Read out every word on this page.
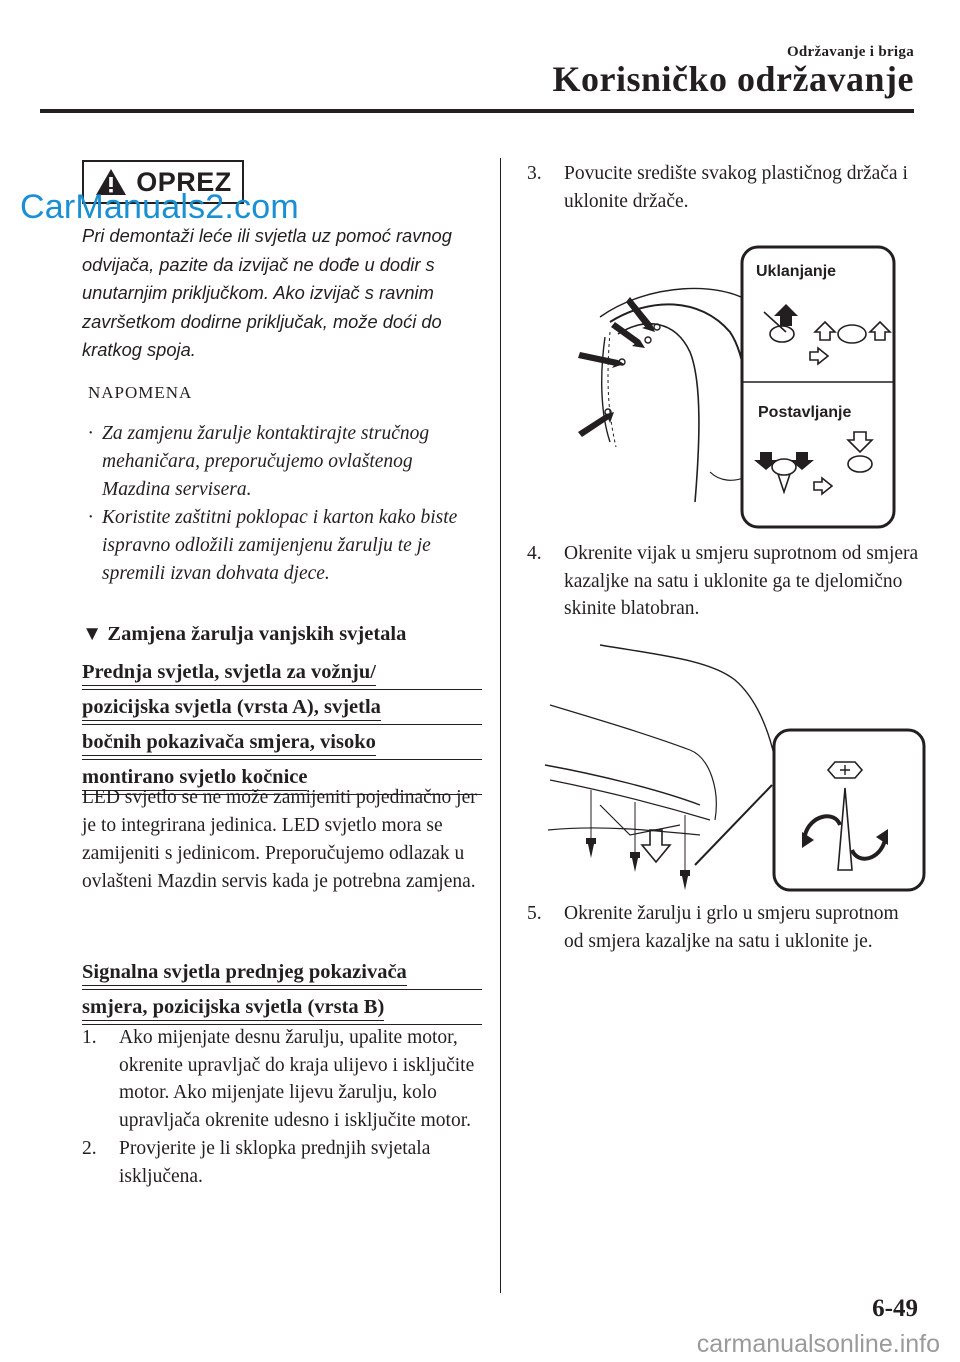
Održavanje i briga
Korisničko održavanje
OPREZ
Pri demontaži leće ili svjetla uz pomoć ravnog odvijača, pazite da izvijač ne dođe u dodir s unutarnjim priključkom. Ako izvijač s ravnim završetkom dodirne priključak, može doći do kratkog spoja.
NAPOMENA
· Za zamjenu žarulje kontaktirajte stručnog mehaničara, preporučujemo ovlaštenog Mazdina servisera.
· Koristite zaštitni poklopac i karton kako biste ispravno odložili zamijenjenu žarulju te je spremili izvan dohvata djece.
▼ Zamjena žarulja vanjskih svjetala
Prednja svjetla, svjetla za vožnju/
pozicijska svjetla (vrsta A), svjetla
bočnih pokazivača smjera, visoko
montirano svjetlo kočnice
LED svjetlo se ne može zamijeniti pojedinačno jer je to integrirana jedinica. LED svjetlo mora se zamijeniti s jedinicom. Preporučujemo odlazak u ovlašteni Mazdin servis kada je potrebna zamjena.
Signalna svjetla prednjeg pokazivača
smjera, pozicijska svjetla (vrsta B)
1. Ako mijenjate desnu žarulju, upalite motor, okrenite upravljač do kraja ulijevo i isključite motor. Ako mijenjate lijevu žarulju, kolo upravljača okrenite udesno i isključite motor.
2. Provjerite je li sklopka prednjih svjetala isključena.
3. Povucite središte svakog plastičnog držača i uklonite držače.
Uklanjanje
Postavljanje
4. Okrenite vijak u smjeru suprotnom od smjera kazaljke na satu i uklonite ga te djelomično skinite blatobran.
5. Okrenite žarulju i grlo u smjeru suprotnom od smjera kazaljke na satu i uklonite je.
CarManuals2.com
6-49
carmanualsonline.info
